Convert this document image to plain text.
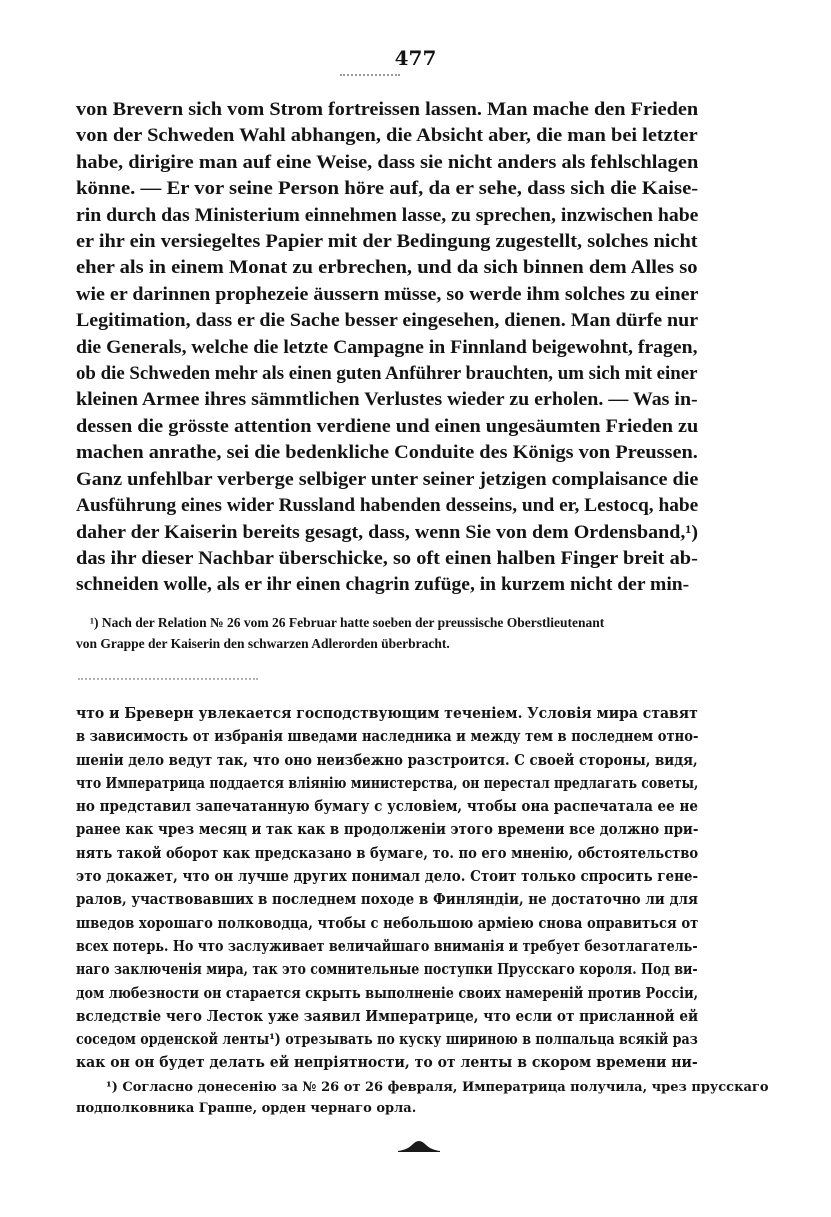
477
von Brevern sich vom Strom fortreissen lassen. Man mache den Frieden
von der Schweden Wahl abhangen, die Absicht aber, die man bei letzter
habe, dirigire man auf eine Weise, dass sie nicht anders als fehlschlagen
könne. — Er vor seine Person höre auf, da er sehe, dass sich die Kaise-
rin durch das Ministerium einnehmen lasse, zu sprechen, inzwischen habe
er ihr ein versiegeltes Papier mit der Bedingung zugestellt, solches nicht
eher als in einem Monat zu erbrechen, und da sich binnen dem Alles so
wie er darinnen prophezeie äussern müsse, so werde ihm solches zu einer
Legitimation, dass er die Sache besser eingesehen, dienen. Man dürfe nur
die Generals, welche die letzte Campagne in Finnland beigewohnt, fragen,
ob die Schweden mehr als einen guten Anführer brauchten, um sich mit einer
kleinen Armee ihres sämmtlichen Verlustes wieder zu erholen. — Was in-
dessen die grösste attention verdiene und einen ungesäumten Frieden zu
machen anrathe, sei die bedenkliche Conduite des Königs von Preussen.
Ganz unfehlbar verberge selbiger unter seiner jetzigen complaisance die
Ausführung eines wider Russland habenden desseins, und er, Lestocq, habe
daher der Kaiserin bereits gesagt, dass, wenn Sie von dem Ordensband,¹)
das ihr dieser Nachbar überschicke, so oft einen halben Finger breit ab-
schneiden wolle, als er ihr einen chagrin zufüge, in kurzem nicht der min-
¹) Nach der Relation № 26 vom 26 Februar hatte soeben der preussische Oberstlieutenant
von Grappe der Kaiserin den schwarzen Adlerorden überbracht.
что и Бреверн увлекается господствующим теченiем. Условiя мира ставят
в зависимость от избранiя шведами наследника и между тем в последнем отно-
шенiи дело ведут так, что оно неизбежно разстроится. С своей стороны, видя,
что Императрица поддается влiянiю министерства, он перестал предлагать советы,
но представил запечатанную бумагу с условiем, чтобы она распечатала ее не
ранее как чрез месяц и так как в продолженiи этого времени все должно при-
нять такой оборот как предсказано в бумаге, то. по его мненiю, обстоятельство
это докажет, что он лучше других понимал дело. Стоит только спросить гене-
ралов, участвовавших в последнем походе в Финляндiи, не достаточно ли для
шведов хорошаго полководца, чтобы с небольшою армiею снова оправиться от
всех потерь. Но что заслуживает величайшаго вниманiя и требует безотлагатель-
наго заключенiя мира, так это сомнительные поступки Прусскаго короля. Под ви-
дом любезности он старается скрыть выполненiе своих намеренiй против Россiи,
вследствiе чего Лесток уже заявил Императрице, что если от присланной ей
соседом орденской ленты¹) отрезывать по куску шириною в полпальца всякiй раз
как он он будет делать ей непрiятности, то от ленты в скором времени ни-
¹) Согласно донесенiю за № 26 от 26 февраля, Императрица получила, чрез прусскаго
подполковника Граппе, орден чернаго орла.
